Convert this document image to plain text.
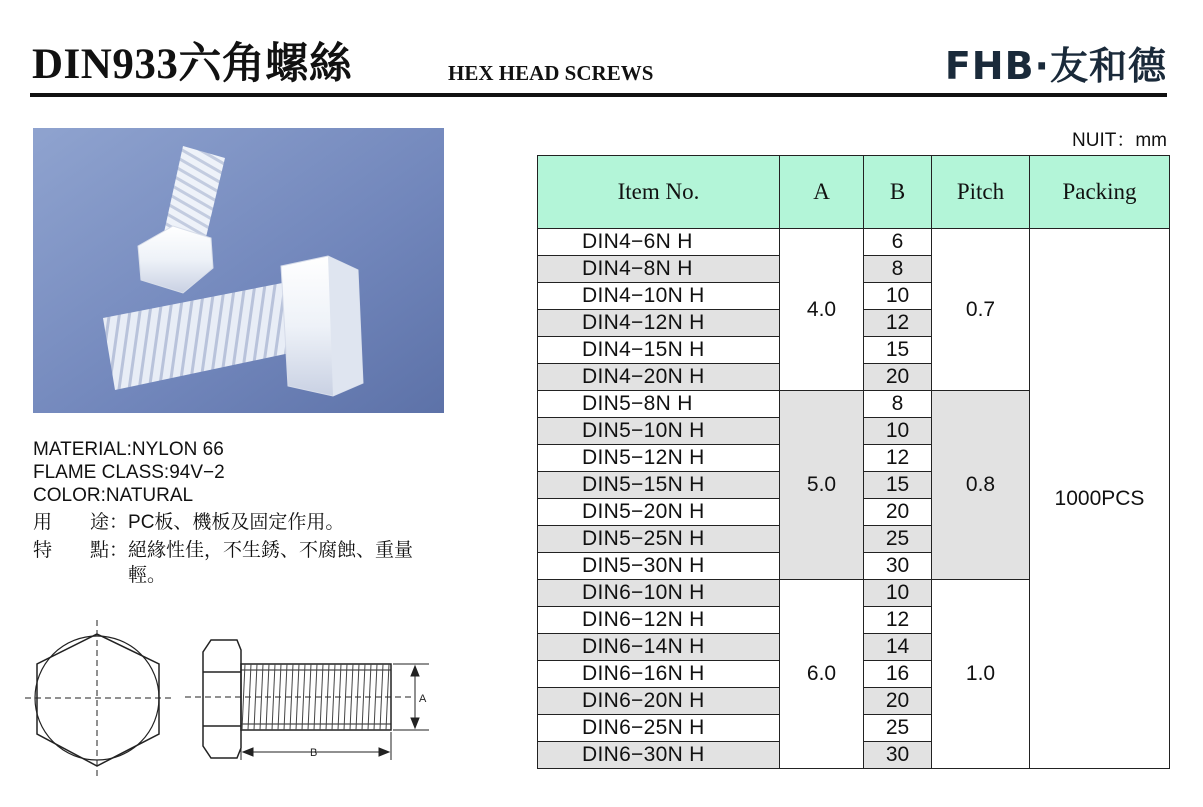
DIN933六角螺絲	HEX HEAD SCREWS	FHB·友和德
NUIT：mm
MATERIAL:NYLON 66
FLAME CLASS:94V−2
COLOR:NATURAL
用　　途： PC板、機板及固定作用。
特　　點： 絕緣性佳，不生銹、不腐蝕、重量
輕。
A
B
Item No.	A	B	Pitch	Packing
DIN4−6N H	4.0	6	0.7	1000PCS
DIN4−8N H		8		
DIN4−10N H		10		
DIN4−12N H		12		
DIN4−15N H		15		
DIN4−20N H		20		
DIN5−8N H	5.0	8	0.8	
DIN5−10N H		10		
DIN5−12N H		12		
DIN5−15N H		15		
DIN5−20N H		20		
DIN5−25N H		25		
DIN5−30N H		30		
DIN6−10N H	6.0	10	1.0	
DIN6−12N H		12		
DIN6−14N H		14		
DIN6−16N H		16		
DIN6−20N H		20		
DIN6−25N H		25		
DIN6−30N H		30		
